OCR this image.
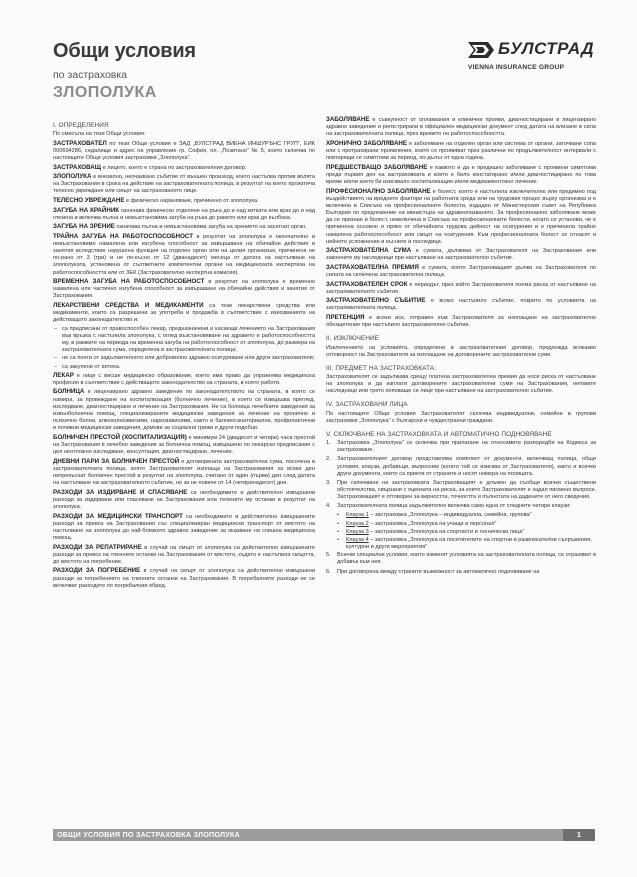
Общи условия
по застраховка
ЗЛОПОЛУКА
БУЛСТРАД
VIENNA INSURANCE GROUP
I. ОПРЕДЕЛЕНИЯ

По смисъла на тези Общи условия:

ЗАСТРАХОВАТЕЛ по тези Общи условия е ЗАД „БУЛСТРАД ВИЕНА ИНШУРЪНС ГРУП“, ЕИК 000694286, седалище и адрес на управление гр. София, пл. „Позитано“ № 5, които сключва по настоящите Общи условия застраховки „Злополука“.

ЗАСТРАХОВАЩ е лицето, което е страна по застрахователния договор.

ЗЛОПОЛУКА е внезапно, неочаквано събитие от външен произход, което настъпва против волята на Застрахования в срока на действие на застрахователната полица, в резултат на което произтича телесно увреждане или смърт на застрахованото лице.

ТЕЛЕСНО УВРЕЖДАНЕ е физическо нараняване, причинено от злополука.

ЗАГУБА НА КРАЙНИК означава физическо отделяне на ръка до и над китката или крак до и над глезена и включва пълна и невъзстановима загуба на ръка до рамото или крак до кълбока.

ЗАГУБА НА ЗРЕНИЕ означава пълна и невъзстановима загуба на зрението на засегнат орган.

ТРАЙНА ЗАГУБА НА РАБОТОСПОСОБНОСТ в резултат на злополука е окончателно и невъзстановимо намалена или изгубена способност за извършване на обичайни действия и занятия вследствие нарушена функция на отделен орган или на целия организъм, причинена не по-рано от 3 (три) и не по-късно от 12 (дванадесет) месеца от датата на настъпване на злополуката, установена от съответните компетентни органи на медицинската експертиза на работоспособността или от ЗЕК (Застрахователно експертна комисия).

ВРЕМЕННА ЗАГУБА НА РАБОТОСПОСОБНОСТ в резултат на злополука е временно намалена или частично изгубена способност за извършване на обичайни действия и занятия от Застрахования.

ЛЕКАРСТВЕНИ СРЕДСТВА И МЕДИКАМЕНТИ са тези лекарствени средства или медикаменти, които са разрешени за употреба и продажба в съответствие с изискванията на действащото законодателство и:

– са предписани от правоспособен лекар, предназначени и касаещи лечението на Застрахования във връзка с настъпила злополука, с оглед възстановяване на здравето и работоспособността му, в рамките на периода на временна загуба на работоспособност от злополука, до размера на застрахователната сума, определена в застрахователната полица;
– не са поети от задължителното или доброволно здравно осигуряване или други застрахователи;
– са закупени от аптека.

ЛЕКАР е лице с висше медицинско образование, което има право да упражнява медицинска професия в съответствие с действащото законодателство на страната, в която работи.

БОЛНИЦА е лицензирано здравно заведение по законодателството на страната, в която се намира, за провеждане на хоспитализация (болнично лечение), в което се извършва преглед, изследване, диагностициране и лечение на Застрахования. Не са болница лечебните заведения за извънболнична помощ, специализираните медицински заведения за лечение на хронично и психично болни, алкохолнозвисими, наркозависими, както и балнеосанаториални, профилактични и почивни медицински заведения, домове за социални грижи и други подобни.

БОЛНИЧЕН ПРЕСТОЙ (ХОСПИТАЛИЗАЦИЯ) е минимум 24 (двадесет и четири) часа престой на Застрахования в лечебно заведение за болнична помощ, извършено по лекарско предписание с цел неотложно изследване, консултация, диагностициране, лечение.

ДНЕВНИ ПАРИ ЗА БОЛНИЧЕН ПРЕСТОЙ е договорената застрахователна сума, посочена в застрахователната полица, която Застрахователят изплаща на Застрахования за всеки ден непрекъснат болничен престой в резултат на злополука, считано от един (първи) ден след датата на настъпване на застрахователното събитие, но за не повече от 14 (четиринадесет) дни.

РАЗХОДИ ЗА ИЗДИРВАНЕ И СПАСЯВАНЕ са необходимите и действително извършени разходи за издирване или спасяване на Застрахования или телените му останки в резултат на злополука.

РАЗХОДИ ЗА МЕДИЦИНСКИ ТРАНСПОРТ са необходимите и действително извършените разходи за превоз на Застрахования със специализиран медицински транспорт от мястото на настъпване на злополука до най-близкото здравно заведение за оказване на спешна медицинска помощ.

РАЗХОДИ ЗА РЕПАТРИРАНЕ в случай на смърт от злополука са действително извършените разходи за превоз на тленните останки на Застрахования от мястото, където е настъпила смъртта, до мястото на погребение.

РАЗХОДИ ЗА ПОГРЕБЕНИЕ в случай на смърт от злополука са действително извършени разходи за погребението на тленните останки на Застрахования. В погребалните разходи не се включват разходите по погребалния обред.

ЗАБОЛЯВАНЕ е съвкупност от оплаквания и клинични прояви, диагностицирани в лицензирано здравно заведение и регистрирани в официален медицински документ след датата на влизане в сила на застрахователната полица, през времето на работоспособността.

ХРОНИЧНО ЗАБОЛЯВАНЕ е заболяване на отделен орган или система от органи, заточване сопа или с протрахирани проявления, които се проявяват през различни по продължителност интервали с повтарящи се симптоми за период, по-дълъг от една година.

ПРЕДШЕСТВАЩО ЗАБОЛЯВАНЕ е каквото и да е предишно заболяване с проявени симптоми преди първия ден на застраховката и които е било констатирано и/или диагностицирано по това време и/или което би изисквало хоспитализация и/или медикаментозно лечение.

ПРОФЕСИОНАЛНО ЗАБОЛЯВАНЕ е болест, която е настъпила изключително или предимно под въздействието на вредните фактори на работната среда или на трудовия процес върху организма и е включена в Списъка на професионалните болести, издаден от Министерския съвет на Република България по предложение на министъра на здравеопазването. За професионално заболяване може да се признае и болест, невключена в Списъка на професионалните болести, когато се установи, че е причинена основно и пряко от обичайната трудова дейност на осигурения и е причинила трайно намалена работоспособност или смърт на осигурения. Към професионалната болест се отнасят и нейното усложнение и късните и последици.

ЗАСТРАХОВАТЕЛНА СУМА е сумата, дължима от Застрахователя на Застрахования или законните му наследници при настъпване на застрахователно събитие.

ЗАСТРАХОВАТЕЛНА ПРЕМИЯ е сумата, която Застраховащият дължи на Застрахователя по силата на сключена застрахователна полица.

ЗАСТРАХОВАТЕЛЕН СРОК е периодът, през който Застрахователя поема риска от настъпване на застрахователното събитие.

ЗАСТРАХОВАТЕЛНО СЪБИТИЕ е всяко настъпило събитие, покрито по условията на застрахователната полица.

ПРЕТЕНЦИЯ е всеки иск, отправен към Застрахователя за изплащане на застрахователно обезщетение при настъпило застрахователно събитие.

II. ИЗКЛЮЧЕНИЕ

Изключението на условията, определени в застрахователния договор, предхожда всякакво отговорност на Застрахователя за изплащане на договорените застрахователни суми.

III. ПРЕДМЕТ НА ЗАСТРАХОВКАТА:

Застрахователят се задължава срещу платена застрахователна премия да носи риска от настъпване на злополука и да изплати договорените застрахователни суми на Застрахования, неговите наследници или трето поповаще се лице при настъпване на застрахователно събитие.

IV. ЗАСТРАХОВАНИ ЛИЦА

По настоящите Общи условия Застрахователят сключва индивидуални, семейни и групови застраховки „Злополука“ с български и чуждестранни граждани.

V. СКЛЮЧВАНЕ НА ЗАСТРАХОВКАТА И АВТОМАТИЧНО ПОДНОВЯВАНЕ
1. Застраховка „Злополука“ се сключва при прилагане на относимите разпоредби на Кодекса за застраховане.
2. Застрахователният договор представлява комплект от документи, включващ полица, общи условия, клаузи, добавъци, въпросник (когато той се изисква от Застрахователя), както и всички други документи, които са приети от страните и носят номера на полицата.
3. При сключване на застраховката Застраховащият е длъжен да съобщи всички съществени обстоятелства, свързани с оценката на риска, за които Застрахователят е задал писмено въпроси. Застраховащият е отговорен за верността, точността и пълнотата на дадените от него сведения.
4. Застрахователната полица задължително включва само една от следните четири клаузи:
• Клауза 1 – застраховка „Злополука – индивидуална, семейна, групова“
• Клауза 2 – застраховка „Злополука на учащи и персонал“
• Клауза 3 – застраховка „Злополука на спортисти и технически лица“
• Клауза 4 – застраховка „Злополука на посетителите на спортни и развлекателни съоръжения, културни и други мероприятия“
5. Всички специални условия, които изменят условията на застрахователната полица, се отразяват в добавък към нея.
6. При договорена между страните възможност за автоматично подновяване на
ОБЩИ УСЛОВИЯ ПО ЗАСТРАХОВКА ЗЛОПОЛУКА	1
